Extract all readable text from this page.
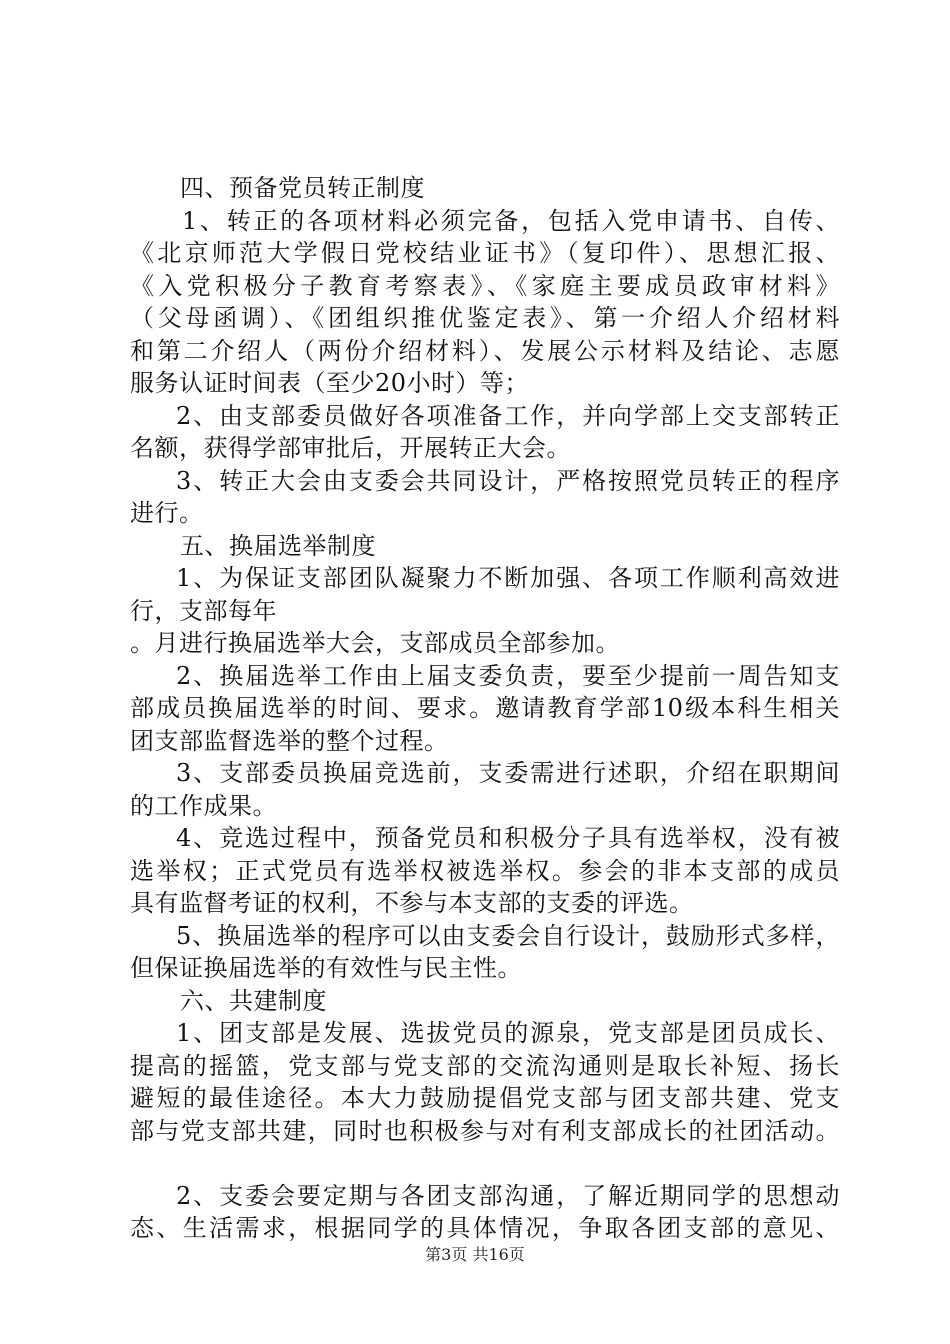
四、预备党员转正制度
1、转正的各项材料必须完备，包括入党申请书、自传、
《北京师范大学假日党校结业证书》（复印件）、思想汇报、
《入党积极分子教育考察表》、《家庭主要成员政审材料》
（父母函调）、《团组织推优鉴定表》、第一介绍人介绍材料
和第二介绍人（两份介绍材料）、发展公示材料及结论、志愿
服务认证时间表（至少20小时）等；
2、由支部委员做好各项准备工作，并向学部上交支部转正
名额，获得学部审批后，开展转正大会。
3、转正大会由支委会共同设计，严格按照党员转正的程序
进行。
五、换届选举制度
1、为保证支部团队凝聚力不断加强、各项工作顺利高效进
行，支部每年
。月进行换届选举大会，支部成员全部参加。
2、换届选举工作由上届支委负责，要至少提前一周告知支
部成员换届选举的时间、要求。邀请教育学部10级本科生相关
团支部监督选举的整个过程。
3、支部委员换届竞选前，支委需进行述职，介绍在职期间
的工作成果。
4、竞选过程中，预备党员和积极分子具有选举权，没有被
选举权；正式党员有选举权被选举权。参会的非本支部的成员
具有监督考证的权利，不参与本支部的支委的评选。
5、换届选举的程序可以由支委会自行设计，鼓励形式多样，
但保证换届选举的有效性与民主性。
六、共建制度
1、团支部是发展、选拔党员的源泉，党支部是团员成长、
提高的摇篮，党支部与党支部的交流沟通则是取长补短、扬长
避短的最佳途径。本大力鼓励提倡党支部与团支部共建、党支
部与党支部共建，同时也积极参与对有利支部成长的社团活动。
2、支委会要定期与各团支部沟通，了解近期同学的思想动
态、生活需求，根据同学的具体情况，争取各团支部的意见、
第3页 共16页
